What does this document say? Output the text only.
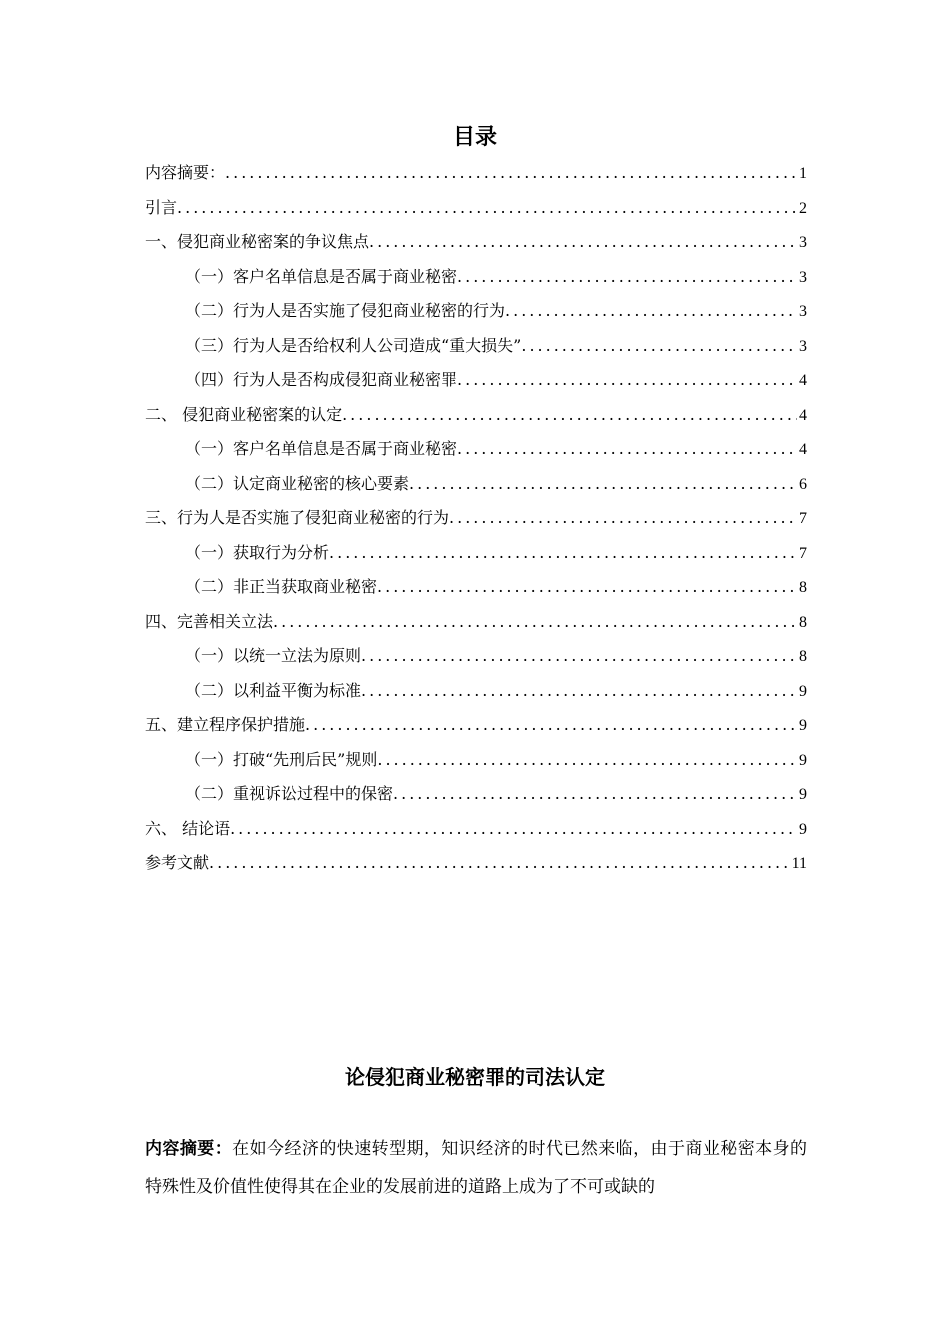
目录
内容摘要： .....	1
引言 .....	2
一、侵犯商业秘密案的争议焦点 .....	3
（一）客户名单信息是否属于商业秘密 .....	3
（二）行为人是否实施了侵犯商业秘密的行为 .....	3
（三）行为人是否给权利人公司造成“重大损失” .....	3
（四）行为人是否构成侵犯商业秘密罪 .....	4
二、 侵犯商业秘密案的认定 .....	4
（一）客户名单信息是否属于商业秘密 .....	4
（二）认定商业秘密的核心要素 .....	6
三、行为人是否实施了侵犯商业秘密的行为 .....	7
（一）获取行为分析 .....	7
（二）非正当获取商业秘密 .....	8
四、完善相关立法 .....	8
（一）以统一立法为原则 .....	8
（二）以利益平衡为标准 .....	9
五、建立程序保护措施 .....	9
（一）打破“先刑后民”规则 .....	9
（二）重视诉讼过程中的保密 .....	9
六、 结论语 .....	9
参考文献 .....	11
论侵犯商业秘密罪的司法认定
内容摘要：在如今经济的快速转型期，知识经济的时代已然来临，由于商业秘密本身的特殊性及价值性使得其在企业的发展前进的道路上成为了不可或缺的
